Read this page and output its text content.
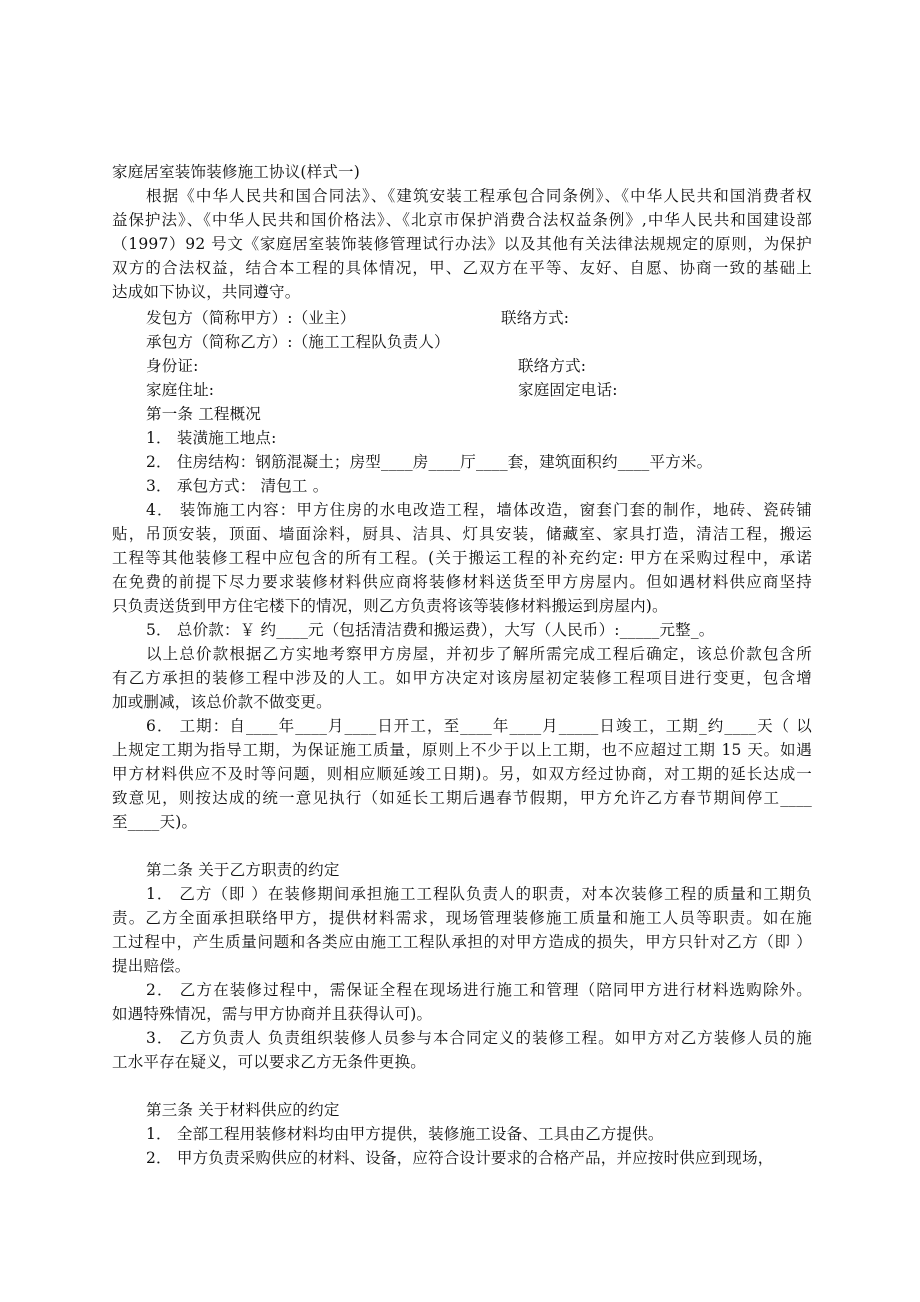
家庭居室装饰装修施工协议(样式一)
根据《中华人民共和国合同法》、《建筑安装工程承包合同条例》、《中华人民共和国消费者权
益保护法》、《中华人民共和国价格法》、《北京市保护消费合法权益条例》,中华人民共和国建设部
（1997）92 号文《家庭居室装饰装修管理试行办法》以及其他有关法律法规规定的原则，为保护
双方的合法权益，结合本工程的具体情况，甲、乙双方在平等、友好、自愿、协商一致的基础上
达成如下协议，共同遵守。
发包方（简称甲方）:（业主）	联络方式:
承包方（简称乙方）:（施工工程队负责人）
身份证:	联络方式:
家庭住址:	家庭固定电话:
第一条 工程概况
1． 装潢施工地点:
2． 住房结构：钢筋混凝土；房型____房____厅____套，建筑面积约____平方米。
3． 承包方式： 清包工 。
4． 装饰施工内容：甲方住房的水电改造工程，墙体改造，窗套门套的制作，地砖、瓷砖铺
贴，吊顶安装，顶面、墙面涂料，厨具、洁具、灯具安装，储藏室、家具打造，清洁工程，搬运
工程等其他装修工程中应包含的所有工程。(关于搬运工程的补充约定: 甲方在采购过程中，承诺
在免费的前提下尽力要求装修材料供应商将装修材料送货至甲方房屋内。但如遇材料供应商坚持
只负责送货到甲方住宅楼下的情况，则乙方负责将该等装修材料搬运到房屋内)。
5． 总价款：￥ 约____元（包括清洁费和搬运费），大写（人民币）:_____元整_。
以上总价款根据乙方实地考察甲方房屋，并初步了解所需完成工程后确定，该总价款包含所
有乙方承担的装修工程中涉及的人工。如甲方决定对该房屋初定装修工程项目进行变更，包含增
加或删减，该总价款不做变更。
6． 工期：自____年____月____日开工，至____年____月_____日竣工，工期_约____天（ 以
上规定工期为指导工期，为保证施工质量，原则上不少于以上工期，也不应超过工期 15 天。如遇
甲方材料供应不及时等问题，则相应顺延竣工日期)。另，如双方经过协商，对工期的延长达成一
致意见，则按达成的统一意见执行（如延长工期后遇春节假期，甲方允许乙方春节期间停工____
至____天)。
第二条 关于乙方职责的约定
1． 乙方（即 ）在装修期间承担施工工程队负责人的职责，对本次装修工程的质量和工期负
责。乙方全面承担联络甲方，提供材料需求，现场管理装修施工质量和施工人员等职责。如在施
工过程中，产生质量问题和各类应由施工工程队承担的对甲方造成的损失，甲方只针对乙方（即 ）
提出赔偿。
2． 乙方在装修过程中，需保证全程在现场进行施工和管理（陪同甲方进行材料选购除外。
如遇特殊情况，需与甲方协商并且获得认可)。
3． 乙方负责人 负责组织装修人员参与本合同定义的装修工程。如甲方对乙方装修人员的施
工水平存在疑义，可以要求乙方无条件更换。
第三条 关于材料供应的约定
1． 全部工程用装修材料均由甲方提供，装修施工设备、工具由乙方提供。
2． 甲方负责采购供应的材料、设备，应符合设计要求的合格产品，并应按时供应到现场，
